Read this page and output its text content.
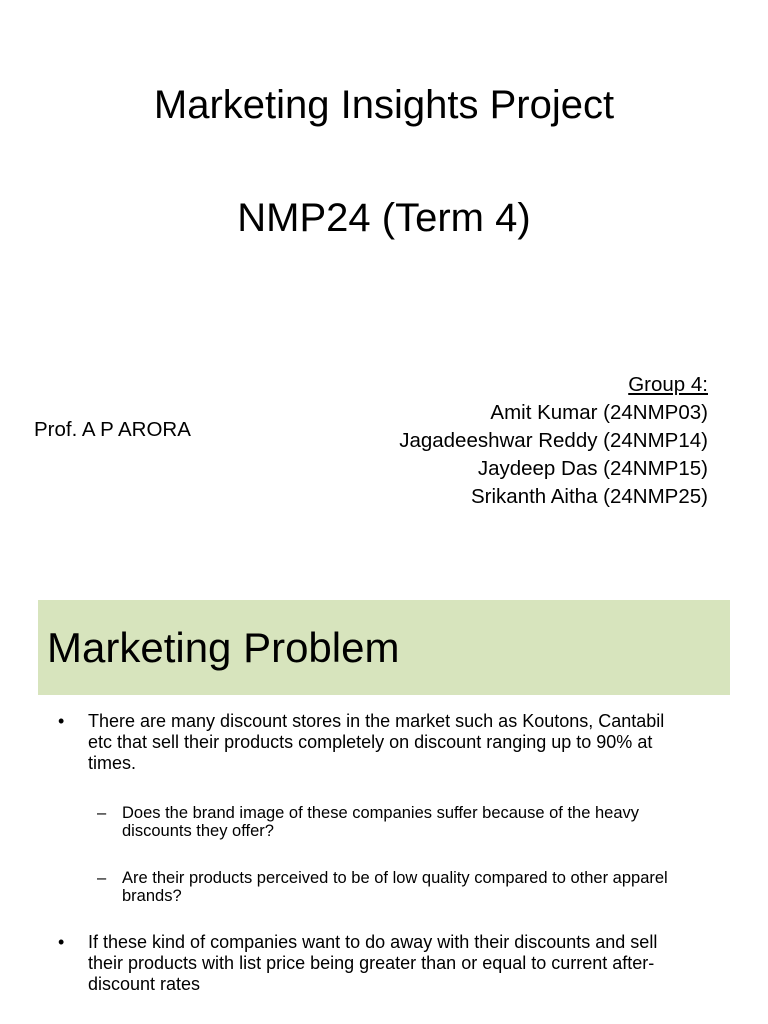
Marketing Insights Project
NMP24 (Term 4)
Prof. A P ARORA
Group 4:
Amit Kumar (24NMP03)
Jagadeeshwar Reddy (24NMP14)
Jaydeep Das (24NMP15)
Srikanth Aitha (24NMP25)
Marketing Problem
• There are many discount stores in the market such as Koutons, Cantabil
etc that sell their products completely on discount ranging up to 90% at
times.
– Does the brand image of these companies suffer because of the heavy
discounts they offer?
– Are their products perceived to be of low quality compared to other apparel
brands?
• If these kind of companies want to do away with their discounts and sell
their products with list price being greater than or equal to current after-
discount rates
